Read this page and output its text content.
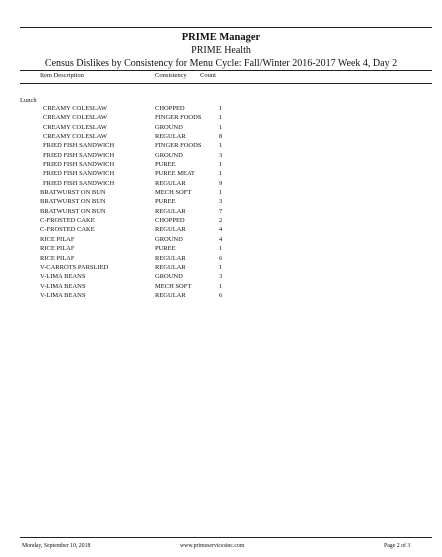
PRIME Manager
PRIME Health
Census Dislikes by Consistency for Menu Cycle: Fall/Winter 2016-2017 Week 4, Day 2
Item Description	Consistency Count
Lunch
CREAMY COLESLAW	CHOPPED	1
CREAMY COLESLAW	FINGER FOODS	1
CREAMY COLESLAW	GROUND	1
CREAMY COLESLAW	REGULAR	8
FRIED FISH SANDWICH	FINGER FOODS	1
FRIED FISH SANDWICH	GROUND	3
FRIED FISH SANDWICH	PUREE	1
FRIED FISH SANDWICH	PUREE MEAT	1
FRIED FISH SANDWICH	REGULAR	9
BRATWURST ON BUN	MECH SOFT	1
BRATWURST ON BUN	PUREE	3
BRATWURST ON BUN	REGULAR	7
C-FROSTED CAKE	CHOPPED	2
C-FROSTED CAKE	REGULAR	4
RICE PILAF	GROUND	4
RICE PILAF	PUREE	1
RICE PILAF	REGULAR	6
V-CARROTS PARSLIED	REGULAR	1
V-LIMA BEANS	GROUND	3
V-LIMA BEANS	MECH SOFT	1
V-LIMA BEANS	REGULAR	6
Monday, September 10, 2018	www.primeservicesinc.com	Page 2 of 3
